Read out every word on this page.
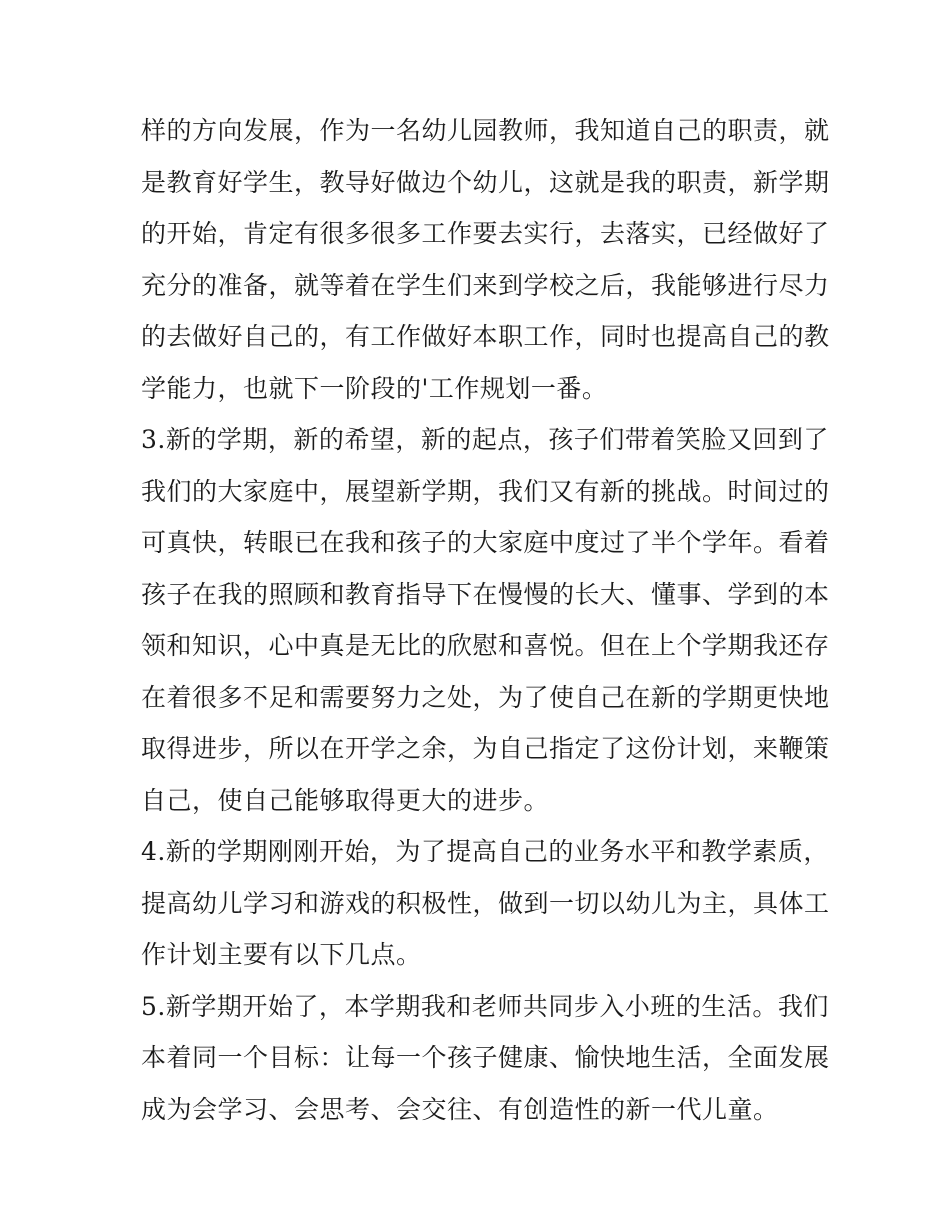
样的方向发展，作为一名幼儿园教师，我知道自己的职责，就
是教育好学生，教导好做边个幼儿，这就是我的职责，新学期
的开始，肯定有很多很多工作要去实行，去落实，已经做好了
充分的准备，就等着在学生们来到学校之后，我能够进行尽力
的去做好自己的，有工作做好本职工作，同时也提高自己的教
学能力，也就下一阶段的'工作规划一番。
3.新的学期，新的希望，新的起点，孩子们带着笑脸又回到了
我们的大家庭中，展望新学期，我们又有新的挑战。时间过的
可真快，转眼已在我和孩子的大家庭中度过了半个学年。看着
孩子在我的照顾和教育指导下在慢慢的长大、懂事、学到的本
领和知识，心中真是无比的欣慰和喜悦。但在上个学期我还存
在着很多不足和需要努力之处，为了使自己在新的学期更快地
取得进步，所以在开学之余，为自己指定了这份计划，来鞭策
自己，使自己能够取得更大的进步。
4.新的学期刚刚开始，为了提高自己的业务水平和教学素质，
提高幼儿学习和游戏的积极性，做到一切以幼儿为主，具体工
作计划主要有以下几点。
5.新学期开始了，本学期我和老师共同步入小班的生活。我们
本着同一个目标：让每一个孩子健康、愉快地生活，全面发展
成为会学习、会思考、会交往、有创造性的新一代儿童。
